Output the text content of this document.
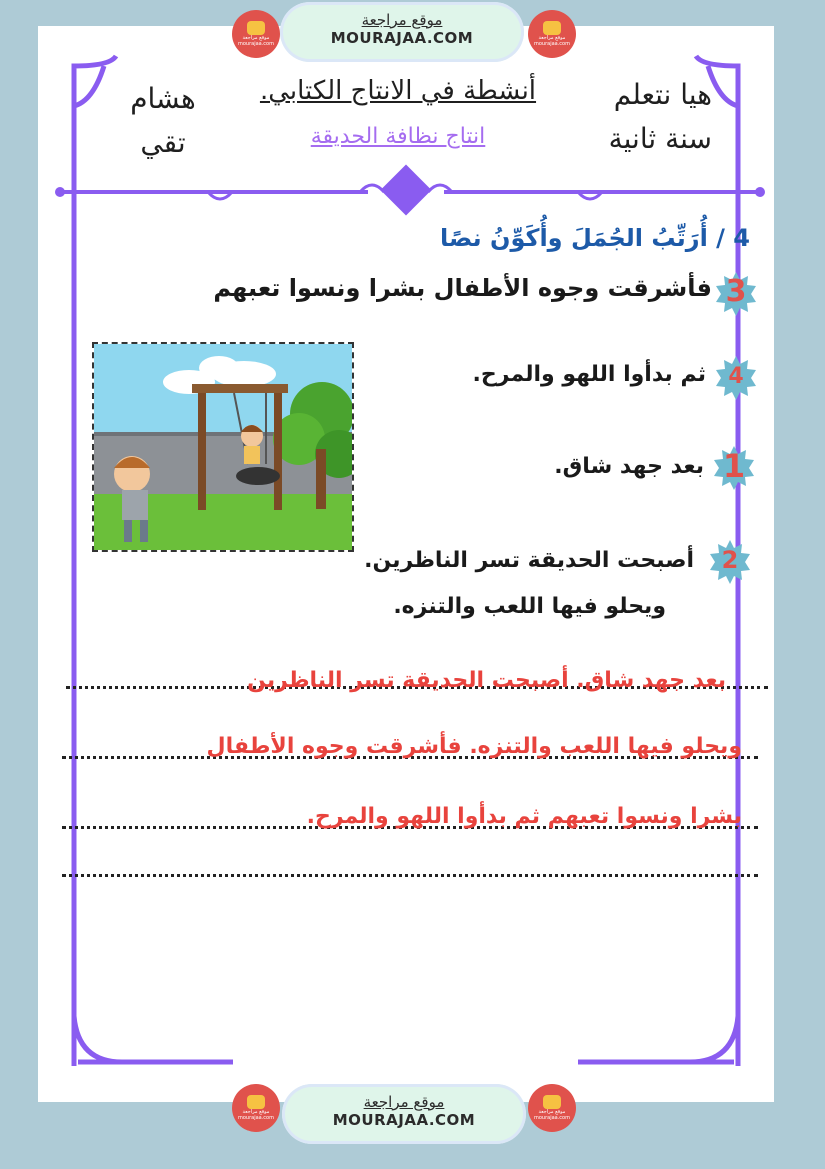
هيا نتعلم
سنة ثانية
أنشطة في الانتاج الكتابي.
انتاج نظافة الحديقة
هشام
تقي
4 / أُرَتِّبُ الجُمَلَ وأُكَوِّنُ نصًا
3
فأشرقت وجوه الأطفال بشرا ونسوا تعبهم
4
ثم بدأوا اللهو والمرح.
1
بعد جهد شاق.
2
أصبحت الحديقة تسر الناظرين.
ويحلو فيها اللعب والتنزه.
بعد جهد شاق. أصبحت الحديقة تسر الناظرين
ويحلو فيها اللعب والتنزه. فأشرقت وجوه الأطفال
بشرا ونسوا تعبهم ثم بدأوا اللهو والمرح.
موقع مراجعة mourajaa.com
موقع مراجعة
MOURAJAA.COM	موقع مراجعة mourajaa.com
موقع مراجعة mourajaa.com
موقع مراجعة
MOURAJAA.COM	موقع مراجعة mourajaa.com
